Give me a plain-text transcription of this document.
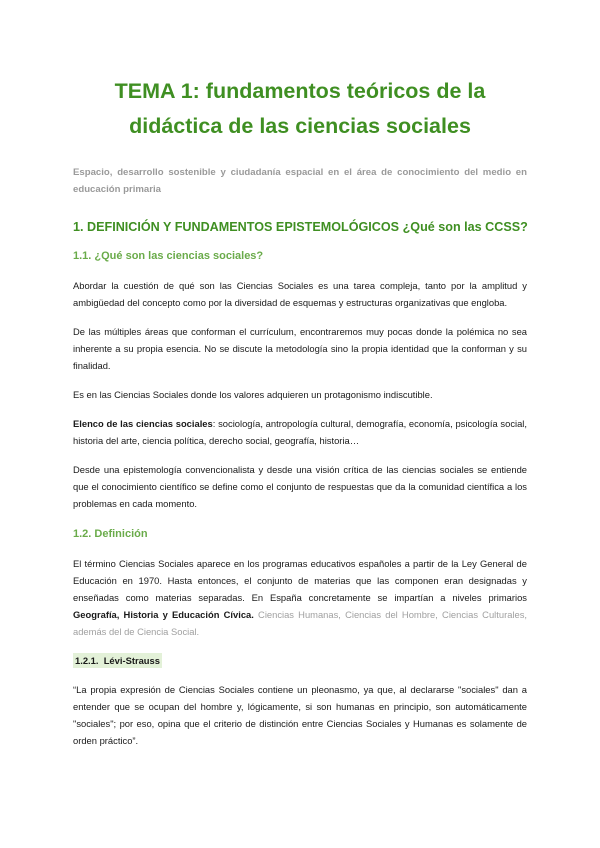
TEMA 1: fundamentos teóricos de la
didáctica de las ciencias sociales

Espacio, desarrollo sostenible y ciudadanía espacial en el área de conocimiento del medio en educación primaria

1. DEFINICIÓN Y FUNDAMENTOS EPISTEMOLÓGICOS ¿Qué son las CCSS?
1.1. ¿Qué son las ciencias sociales?

Abordar la cuestión de qué son las Ciencias Sociales es una tarea compleja, tanto por la amplitud y ambigüedad del concepto como por la diversidad de esquemas y estructuras organizativas que engloba.

De las múltiples áreas que conforman el currículum, encontraremos muy pocas donde la polémica no sea inherente a su propia esencia. No se discute la metodología sino la propia identidad que la conforman y su finalidad.

Es en las Ciencias Sociales donde los valores adquieren un protagonismo indiscutible.

Elenco de las ciencias sociales: sociología, antropología cultural, demografía, economía, psicología social, historia del arte, ciencia política, derecho social, geografía, historia…

Desde una epistemología convencionalista y desde una visión crítica de las ciencias sociales se entiende que el conocimiento científico se define como el conjunto de respuestas que da la comunidad científica a los problemas en cada momento.

1.2. Definición

El término Ciencias Sociales aparece en los programas educativos españoles a partir de la Ley General de Educación en 1970. Hasta entonces, el conjunto de materias que las componen eran designadas y enseñadas como materias separadas. En España concretamente se impartían a niveles primarios Geografía, Historia y Educación Cívica. Ciencias Humanas, Ciencias del Hombre, Ciencias Culturales, además del de Ciencia Social.

1.2.1. Lévi-Strauss

“La propia expresión de Ciencias Sociales contiene un pleonasmo, ya que, al declararse "sociales" dan a entender que se ocupan del hombre y, lógicamente, si son humanas en principio, son automáticamente "sociales"; por eso, opina que el criterio de distinción entre Ciencias Sociales y Humanas es solamente de orden práctico”.
